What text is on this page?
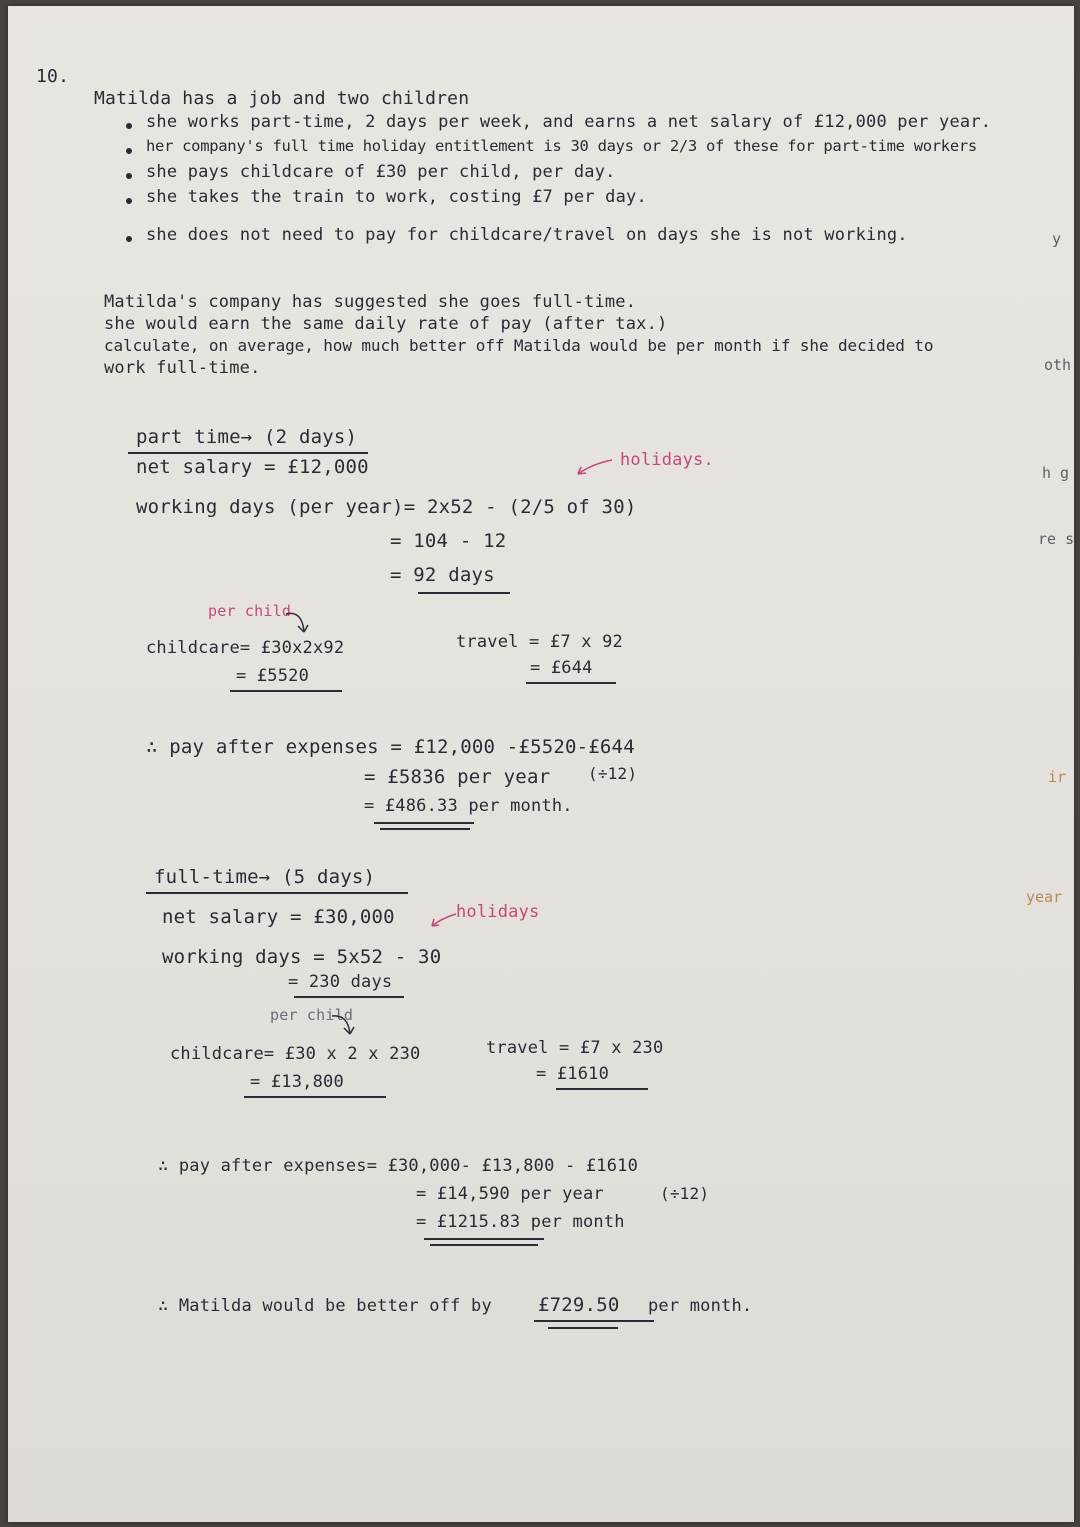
10.
Matilda has a job and two children
she works part-time, 2 days per week, and earns a net salary of £12,000 per year.
her company's full time holiday entitlement is 30 days or 2/3 of these for part-time workers
she pays childcare of £30 per child, per day.
she takes the train to work, costing £7 per day.
she does not need to pay for childcare/travel on days she is not working.
Matilda's company has suggested she goes full-time.
she would earn the same daily rate of pay (after tax.)
calculate, on average, how much better off Matilda would be per month if she decided to
work full-time.
part time→ (2 days)
net salary = £12,000	holidays.
working days (per year)= 2x52 - (2/5 of 30)
= 104 - 12
= 92 days
per child
childcare= £30x2x92
= £5520
travel = £7 x 92
= £644
∴ pay after expenses = £12,000 -£5520-£644
= £5836 per year (÷12)
= £486.33 per month.
full-time→ (5 days)
net salary = £30,000	holidays
working days = 5x52 - 30
= 230 days
per child
childcare= £30 x 2 x 230
= £13,800
travel = £7 x 230
= £1610
∴ pay after expenses= £30,000- £13,800 - £1610
= £14,590 per year	(÷12)
= £1215.83 per month
∴ Matilda would be better off by £729.50 per month.
y
oth
h g
re s
ir
year
